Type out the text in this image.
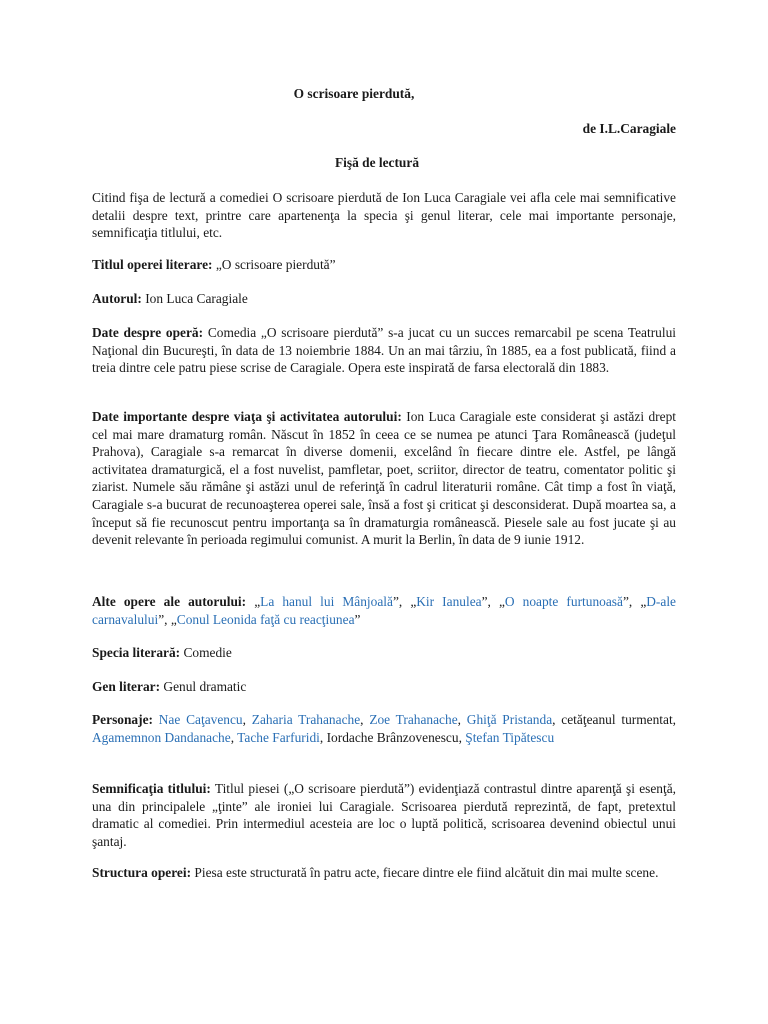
O scrisoare pierdută,
de I.L.Caragiale
Fişă de lectură

Citind fişa de lectură a comediei O scrisoare pierdută de Ion Luca Caragiale vei afla cele mai semnificative detalii despre text, printre care apartenenţa la specia şi genul literar, cele mai importante personaje, semnificaţia titlului, etc.

Titlul operei literare: „O scrisoare pierdută”

Autorul: Ion Luca Caragiale

Date despre operă: Comedia „O scrisoare pierdută” s-a jucat cu un succes remarcabil pe scena Teatrului Naţional din Bucureşti, în data de 13 noiembrie 1884. Un an mai târziu, în 1885, ea a fost publicată, fiind a treia dintre cele patru piese scrise de Caragiale. Opera este inspirată de farsa electorală din 1883.

Date importante despre viaţa şi activitatea autorului: Ion Luca Caragiale este considerat şi astăzi drept cel mai mare dramaturg român. Născut în 1852 în ceea ce se numea pe atunci Ţara Românească (judeţul Prahova), Caragiale s-a remarcat în diverse domenii, excelând în fiecare dintre ele. Astfel, pe lângă activitatea dramaturgică, el a fost nuvelist, pamfletar, poet, scriitor, director de teatru, comentator politic şi ziarist. Numele său rămâne şi astăzi unul de referinţă în cadrul literaturii române. Cât timp a fost în viaţă, Caragiale s-a bucurat de recunoaşterea operei sale, însă a fost şi criticat şi desconsiderat. După moartea sa, a început să fie recunoscut pentru importanţa sa în dramaturgia românească. Piesele sale au fost jucate şi au devenit relevante în perioada regimului comunist. A murit la Berlin, în data de 9 iunie 1912.

Alte opere ale autorului: „La hanul lui Mânjoală”, „Kir Ianulea”, „O noapte furtunoasă”, „D-ale carnavalului”, „Conul Leonida faţă cu reacţiunea”

Specia literară: Comedie

Gen literar: Genul dramatic

Personaje: Nae Caţavencu, Zaharia Trahanache, Zoe Trahanache, Ghiţă Pristanda, cetăţeanul turmentat, Agamemnon Dandanache, Tache Farfuridi, Iordache Brânzovenescu, Ştefan Tipătescu

Semnificaţia titlului: Titlul piesei („O scrisoare pierdută”) evidenţiază contrastul dintre aparenţă şi esenţă, una din principalele „ţinte” ale ironiei lui Caragiale. Scrisoarea pierdută reprezintă, de fapt, pretextul dramatic al comediei. Prin intermediul acesteia are loc o luptă politică, scrisoarea devenind obiectul unui şantaj.

Structura operei: Piesa este structurată în patru acte, fiecare dintre ele fiind alcătuit din mai multe scene.
